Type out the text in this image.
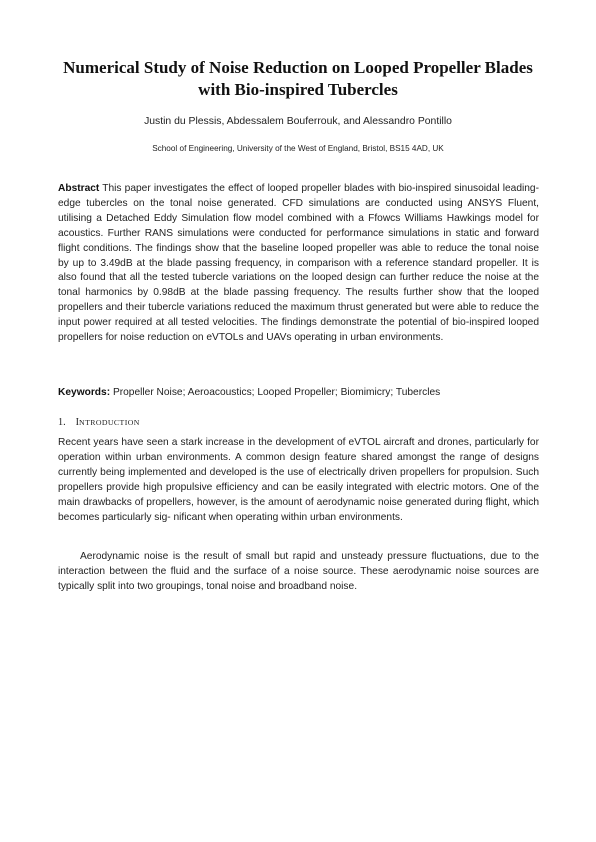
Numerical Study of Noise Reduction on Looped Propeller Blades with Bio-inspired Tubercles
Justin du Plessis, Abdessalem Bouferrouk, and Alessandro Pontillo
School of Engineering, University of the West of England, Bristol, BS15 4AD, UK
Abstract This paper investigates the effect of looped propeller blades with bio-inspired sinusoidal leading-edge tubercles on the tonal noise generated. CFD simulations are conducted using ANSYS Fluent, utilising a Detached Eddy Simulation flow model combined with a Ffowcs Williams Hawkings model for acoustics. Further RANS simulations were conducted for performance simulations in static and forward flight conditions. The findings show that the baseline looped propeller was able to reduce the tonal noise by up to 3.49dB at the blade passing frequency, in comparison with a reference standard propeller. It is also found that all the tested tubercle variations on the looped design can further reduce the noise at the tonal harmonics by 0.98dB at the blade passing frequency. The results further show that the looped propellers and their tubercle variations reduced the maximum thrust generated but were able to reduce the input power required at all tested velocities. The findings demonstrate the potential of bio-inspired looped propellers for noise reduction on eVTOLs and UAVs operating in urban environments.
Keywords: Propeller Noise; Aeroacoustics; Looped Propeller; Biomimicry; Tubercles
1. INTRODUCTION
Recent years have seen a stark increase in the development of eVTOL aircraft and drones, particularly for operation within urban environments. A common design feature shared amongst the range of designs currently being implemented and developed is the use of electrically driven propellers for propulsion. Such propellers provide high propulsive efficiency and can be easily integrated with electric motors. One of the main drawbacks of propellers, however, is the amount of aerodynamic noise generated during flight, which becomes particularly sig- nificant when operating within urban environments.
Aerodynamic noise is the result of small but rapid and unsteady pressure fluctuations, due to the interaction between the fluid and the surface of a noise source. These aerodynamic noise sources are typically split into two groupings, tonal noise and broadband noise.
